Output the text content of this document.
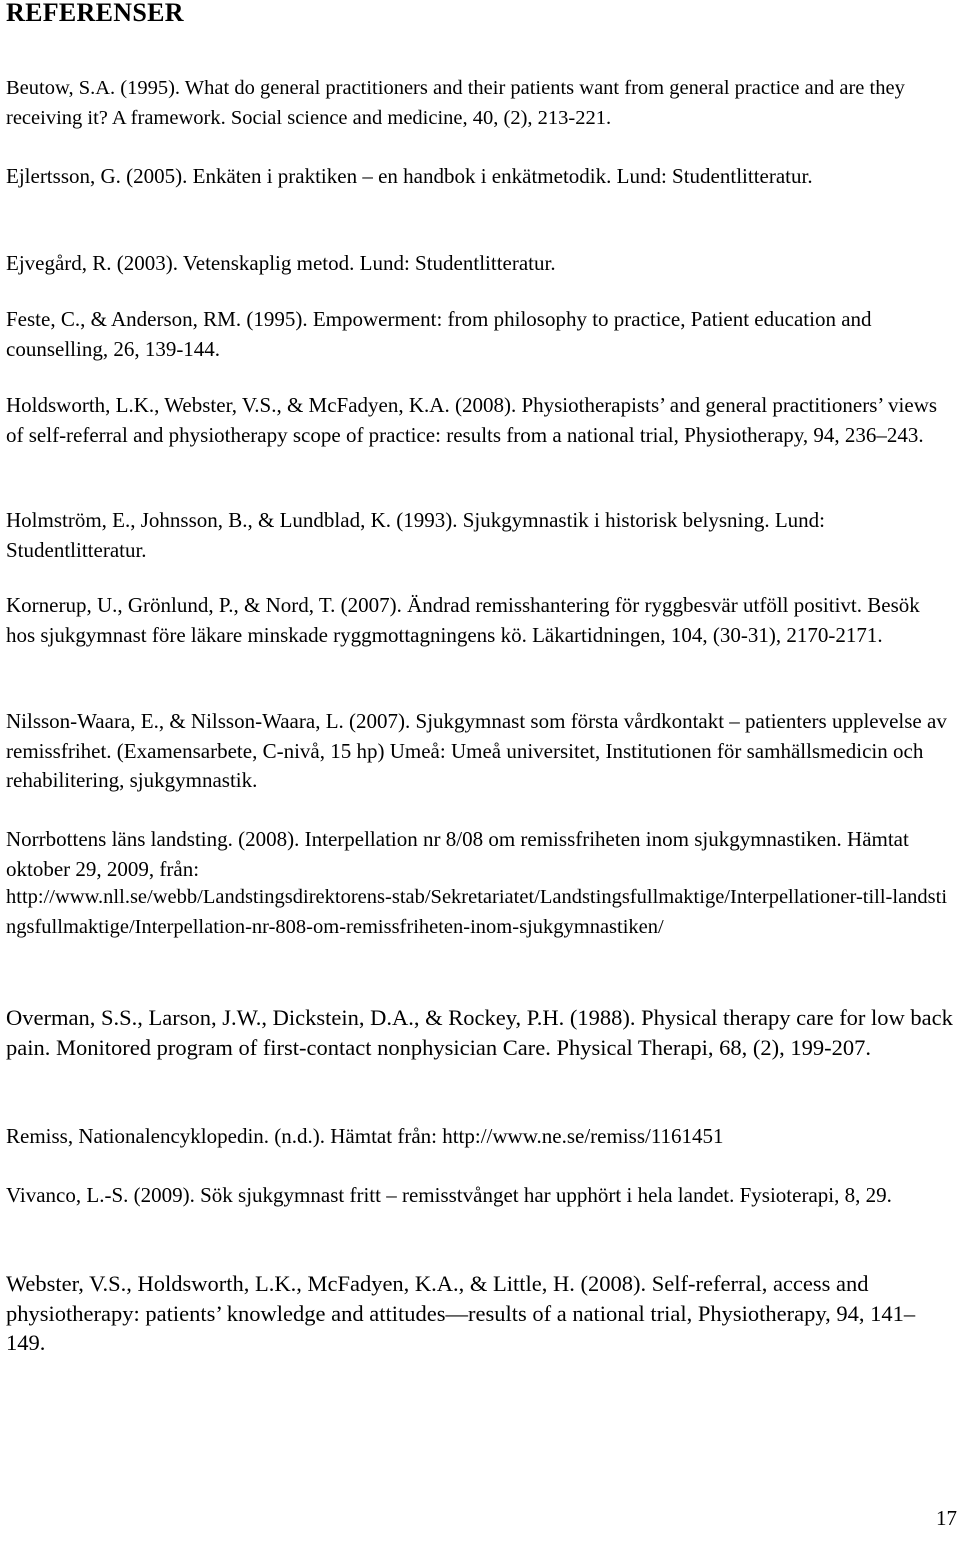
REFERENSER
Beutow, S.A. (1995). What do general practitioners and their patients want from general practice and are they receiving it? A framework. Social science and medicine, 40, (2), 213-221.
Ejlertsson, G. (2005). Enkäten i praktiken – en handbok i enkätmetodik. Lund: Studentlitteratur.
Ejvegård, R. (2003). Vetenskaplig metod. Lund: Studentlitteratur.
Feste, C., & Anderson, RM. (1995). Empowerment: from philosophy to practice, Patient education and counselling, 26, 139-144.
Holdsworth, L.K., Webster, V.S., & McFadyen, K.A. (2008). Physiotherapists’ and general practitioners’ views of self-referral and physiotherapy scope of practice: results from a national trial, Physiotherapy, 94, 236–243.
Holmström, E., Johnsson, B., & Lundblad, K. (1993). Sjukgymnastik i historisk belysning. Lund: Studentlitteratur.
Kornerup, U., Grönlund, P., & Nord, T. (2007). Ändrad remisshantering för ryggbesvär utföll positivt. Besök hos sjukgymnast före läkare minskade ryggmottagningens kö. Läkartidningen, 104, (30-31), 2170-2171.
Nilsson-Waara, E., & Nilsson-Waara, L. (2007). Sjukgymnast som första vårdkontakt – patienters upplevelse av remissfrihet. (Examensarbete, C-nivå, 15 hp) Umeå: Umeå universitet, Institutionen för samhällsmedicin och rehabilitering, sjukgymnastik.
Norrbottens läns landsting. (2008). Interpellation nr 8/08 om remissfriheten inom sjukgymnastiken. Hämtat oktober 29, 2009, från:
http://www.nll.se/webb/Landstingsdirektorens-stab/Sekretariatet/Landstingsfullmaktige/Interpellationer-till-landstingsfullmaktige/Interpellation-nr-808-om-remissfriheten-inom-sjukgymnastiken/
Overman, S.S., Larson, J.W., Dickstein, D.A., & Rockey, P.H. (1988). Physical therapy care for low back pain. Monitored program of first-contact nonphysician Care. Physical Therapi, 68, (2), 199-207.
Remiss, Nationalencyklopedin. (n.d.). Hämtat från: http://www.ne.se/remiss/1161451
Vivanco, L.-S. (2009). Sök sjukgymnast fritt – remisstvånget har upphört i hela landet. Fysioterapi, 8, 29.
Webster, V.S., Holdsworth, L.K., McFadyen, K.A., & Little, H. (2008). Self-referral, access and physiotherapy: patients’ knowledge and attitudes—results of a national trial, Physiotherapy, 94, 141–149.
17
